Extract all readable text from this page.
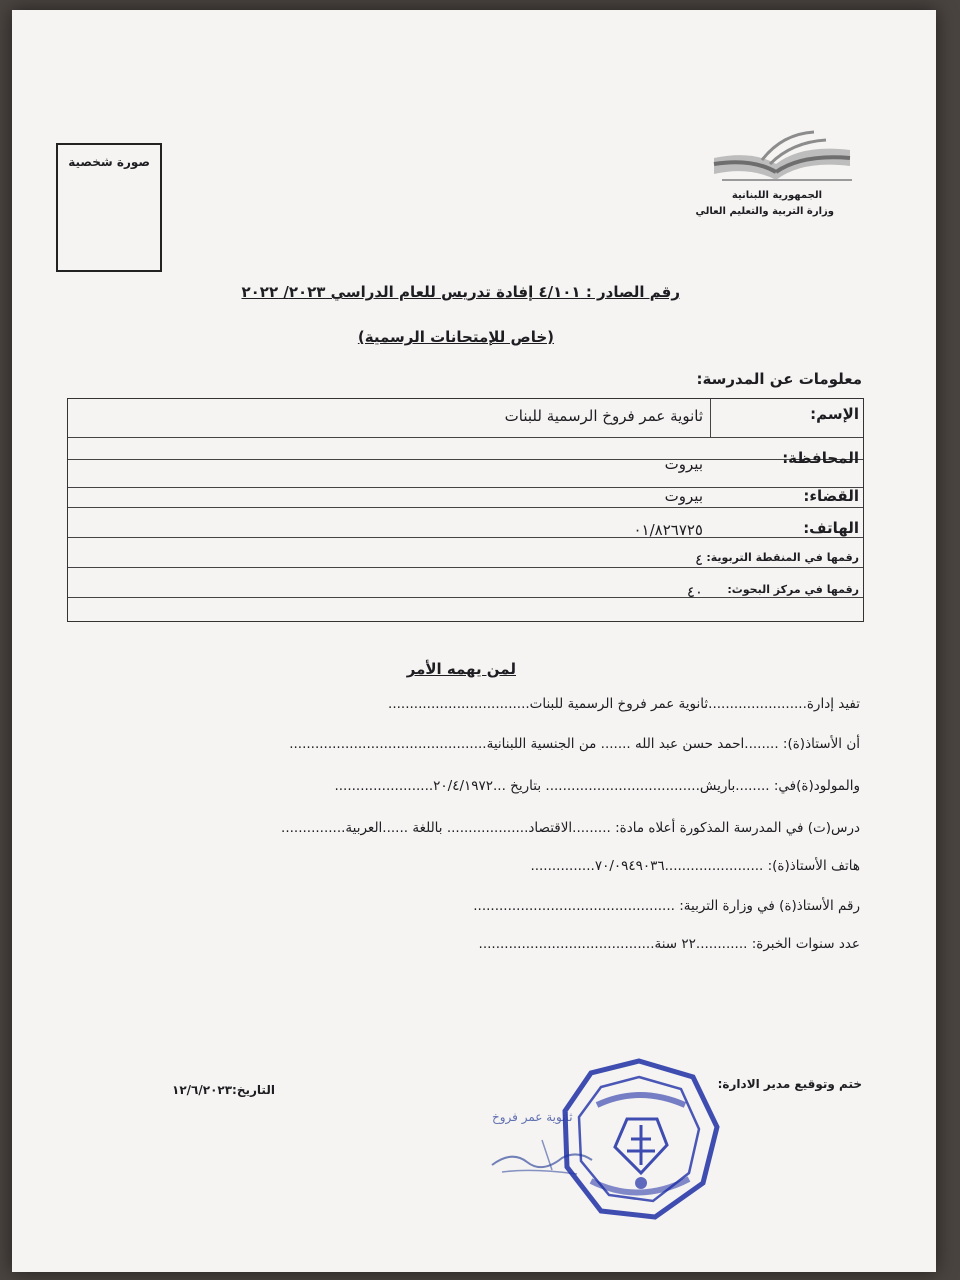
صورة شخصية
الجمهورية اللبنانية
وزارة التربية والتعليم العالي
رقم الصادر : ٤/١٠١ إفادة تدريس للعام الدراسي ٢٠٢٣/ ٢٠٢٢
(خاص للإمتحانات الرسمية)
معلومات عن المدرسة:
الإسم:
ثانوية عمر فروخ الرسمية للبنات
المحافظة:
بيروت
القضاء:
بيروت
الهاتف:
٠١/٨٢٦٧٢٥
رقمها في المنقطة التربوية:
٤
رقمها في مركز البحوث:
٤٠
لمن يهمه الأمر
تفيد إدارة.......................ثانوية عمر فروخ الرسمية للبنات.................................
أن الأستاذ(ة): ........احمد حسن عبد الله ....... من الجنسية اللبنانية..............................................
والمولود(ة)في: ........باريش.................................... بتاريخ ...٢٠/٤/١٩٧٢.......................
درس(ت) في المدرسة المذكورة أعلاه مادة: .........الاقتصاد................... باللغة ......العربية...............
هاتف الأستاذ(ة): .......................٧٠/٠٩٤٩٠٣٦...............
رقم الأستاذ(ة) في وزارة التربية: ...............................................
عدد سنوات الخبرة: ............٢٢ سنة.........................................
ختم وتوقيع مدير الادارة:
التاريخ:١٢/٦/٢٠٢٣
ثانوية عمر فروخ
